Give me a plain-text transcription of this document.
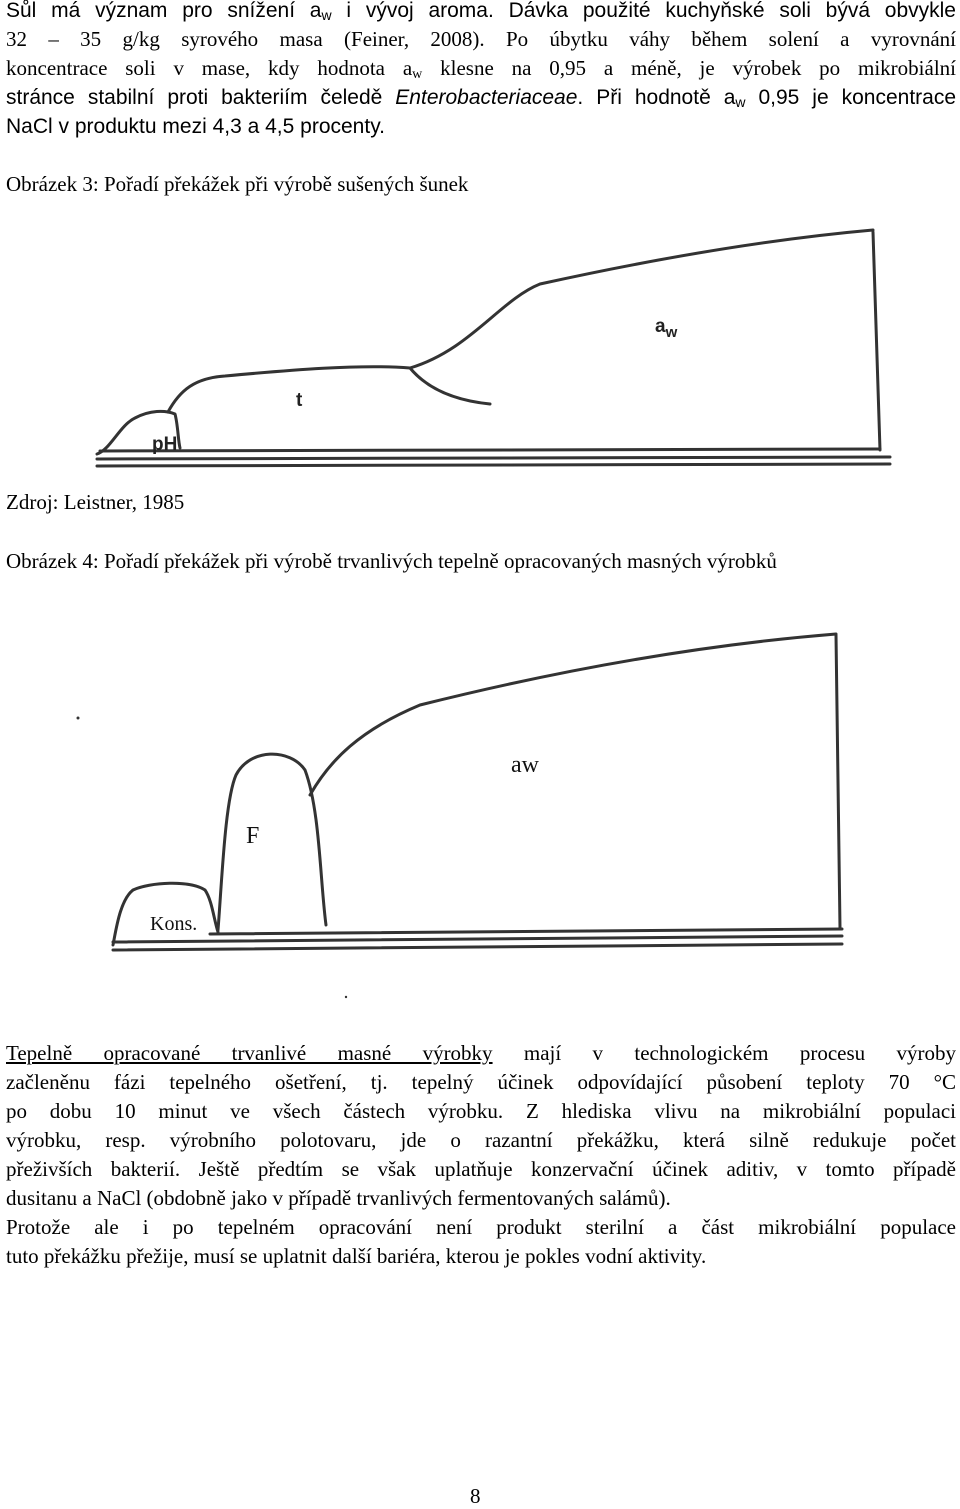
Sůl má význam pro snížení $a_w$ i vývoj aroma. Dávka použité kuchyňské soli bývá obvykle
32 – 35 g/kg syrového masa (Feiner, 2008). Po úbytku váhy během solení a vyrovnání
koncentrace soli v mase, kdy hodnota $a_w$ klesne na 0,95 a méně, je výrobek po mikrobiální
stránce stabilní proti bakteriím čeledě Enterobacteriaceae. Při hodnotě $a_w$ 0,95 je koncentrace
NaCl v produktu mezi 4,3 a 4,5 procenty.
Obrázek 3: Pořadí překážek při výrobě sušených šunek
pH
t
$a_w$
Zdroj: Leistner, 1985
Obrázek 4: Pořadí překážek při výrobě trvanlivých tepelně opracovaných masných výrobků
Kons.
F
aw
Tepelně opracované trvanlivé masné výrobky mají v technologickém procesu výroby
začleněnu fázi tepelného ošetření, tj. tepelný účinek odpovídající působení teploty 70 °C
po dobu 10 minut ve všech částech výrobku. Z hlediska vlivu na mikrobiální populaci
výrobku, resp. výrobního polotovaru, jde o razantní překážku, která silně redukuje počet
přeživších bakterií. Ještě předtím se však uplatňuje konzervační účinek aditiv, v tomto případě
dusitanu a NaCl (obdobně jako v případě trvanlivých fermentovaných salámů).
Protože ale i po tepelném opracování není produkt sterilní a část mikrobiální populace
tuto překážku přežije, musí se uplatnit další bariéra, kterou je pokles vodní aktivity.
8
